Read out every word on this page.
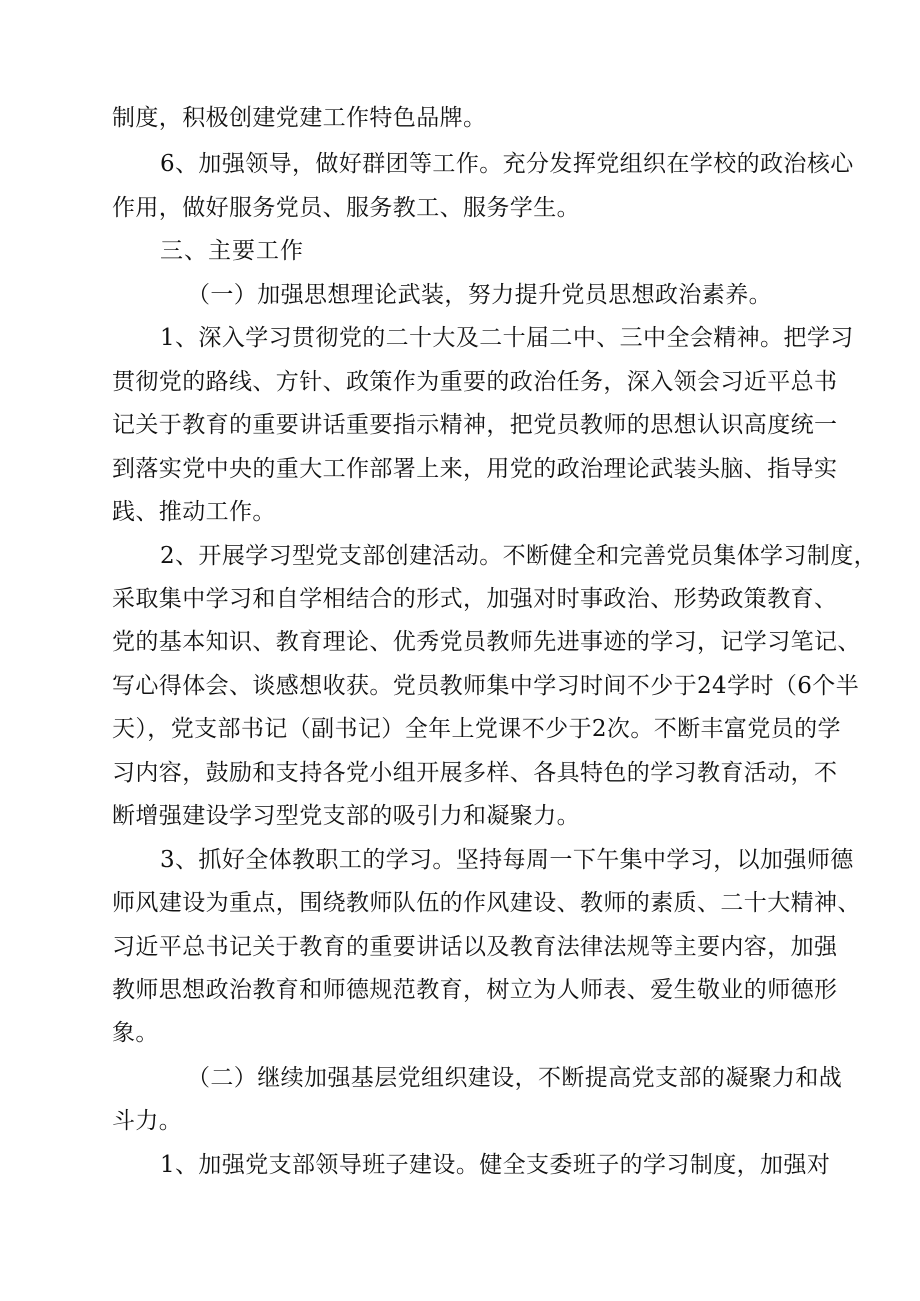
制度，积极创建党建工作特色品牌。
6、加强领导，做好群团等工作。充分发挥党组织在学校的政治核心
作用，做好服务党员、服务教工、服务学生。
三、主要工作
（一）加强思想理论武装，努力提升党员思想政治素养。
1、深入学习贯彻党的二十大及二十届二中、三中全会精神。把学习
贯彻党的路线、方针、政策作为重要的政治任务，深入领会习近平总书
记关于教育的重要讲话重要指示精神，把党员教师的思想认识高度统一
到落实党中央的重大工作部署上来，用党的政治理论武装头脑、指导实
践、推动工作。
2、开展学习型党支部创建活动。不断健全和完善党员集体学习制度，
采取集中学习和自学相结合的形式，加强对时事政治、形势政策教育、
党的基本知识、教育理论、优秀党员教师先进事迹的学习，记学习笔记、
写心得体会、谈感想收获。党员教师集中学习时间不少于24学时（6个半
天），党支部书记（副书记）全年上党课不少于2次。不断丰富党员的学
习内容，鼓励和支持各党小组开展多样、各具特色的学习教育活动，不
断增强建设学习型党支部的吸引力和凝聚力。
3、抓好全体教职工的学习。坚持每周一下午集中学习，以加强师德
师风建设为重点，围绕教师队伍的作风建设、教师的素质、二十大精神、
习近平总书记关于教育的重要讲话以及教育法律法规等主要内容，加强
教师思想政治教育和师德规范教育，树立为人师表、爱生敬业的师德形
象。
（二）继续加强基层党组织建设，不断提高党支部的凝聚力和战
斗力。
1、加强党支部领导班子建设。健全支委班子的学习制度，加强对
